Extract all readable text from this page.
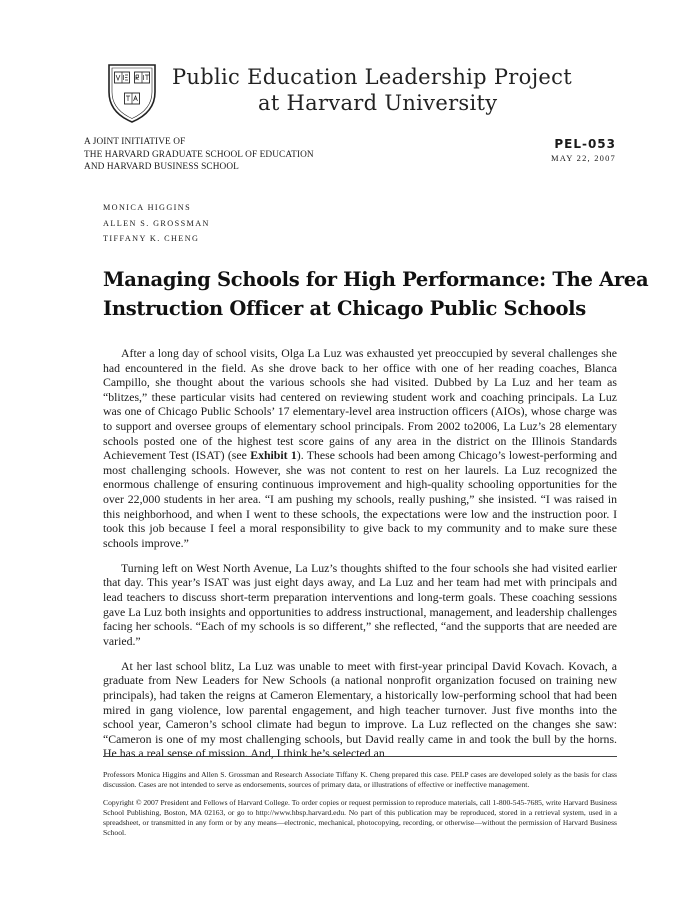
Public Education Leadership Project
at Harvard University
A JOINT INITIATIVE OF
THE HARVARD GRADUATE SCHOOL OF EDUCATION
AND HARVARD BUSINESS SCHOOL
PEL-053
MAY 22, 2007
MONICA HIGGINS
ALLEN S. GROSSMAN
TIFFANY K. CHENG
Managing Schools for High Performance: The Area
Instruction Officer at Chicago Public Schools

After a long day of school visits, Olga La Luz was exhausted yet preoccupied by several challenges she had encountered in the field. As she drove back to her office with one of her reading coaches, Blanca Campillo, she thought about the various schools she had visited. Dubbed by La Luz and her team as “blitzes,” these particular visits had centered on reviewing student work and coaching principals. La Luz was one of Chicago Public Schools’ 17 elementary-level area instruction officers (AIOs), whose charge was to support and oversee groups of elementary school principals. From 2002 to2006, La Luz’s 28 elementary schools posted one of the highest test score gains of any area in the district on the Illinois Standards Achievement Test (ISAT) (see Exhibit 1). These schools had been among Chicago’s lowest-performing and most challenging schools. However, she was not content to rest on her laurels. La Luz recognized the enormous challenge of ensuring continuous improvement and high-quality schooling opportunities for the over 22,000 students in her area. “I am pushing my schools, really pushing,” she insisted. “I was raised in this neighborhood, and when I went to these schools, the expectations were low and the instruction poor. I took this job because I feel a moral responsibility to give back to my community and to make sure these schools improve.”

Turning left on West North Avenue, La Luz’s thoughts shifted to the four schools she had visited earlier that day. This year’s ISAT was just eight days away, and La Luz and her team had met with principals and lead teachers to discuss short-term preparation interventions and long-term goals. These coaching sessions gave La Luz both insights and opportunities to address instructional, management, and leadership challenges facing her schools. “Each of my schools is so different,” she reflected, “and the supports that are needed are varied.”

At her last school blitz, La Luz was unable to meet with first-year principal David Kovach. Kovach, a graduate from New Leaders for New Schools (a national nonprofit organization focused on training new principals), had taken the reigns at Cameron Elementary, a historically low-performing school that had been mired in gang violence, low parental engagement, and high teacher turnover. Just five months into the school year, Cameron’s school climate had begun to improve. La Luz reflected on the changes she saw: “Cameron is one of my most challenging schools, but David really came in and took the bull by the horns. He has a real sense of mission. And, I think he’s selected an

Professors Monica Higgins and Allen S. Grossman and Research Associate Tiffany K. Cheng prepared this case. PELP cases are developed solely as the basis for class discussion. Cases are not intended to serve as endorsements, sources of primary data, or illustrations of effective or ineffective management.

Copyright © 2007 President and Fellows of Harvard College. To order copies or request permission to reproduce materials, call 1-800-545-7685, write Harvard Business School Publishing, Boston, MA 02163, or go to http://www.hbsp.harvard.edu. No part of this publication may be reproduced, stored in a retrieval system, used in a spreadsheet, or transmitted in any form or by any means—electronic, mechanical, photocopying, recording, or otherwise—without the permission of Harvard Business School.
